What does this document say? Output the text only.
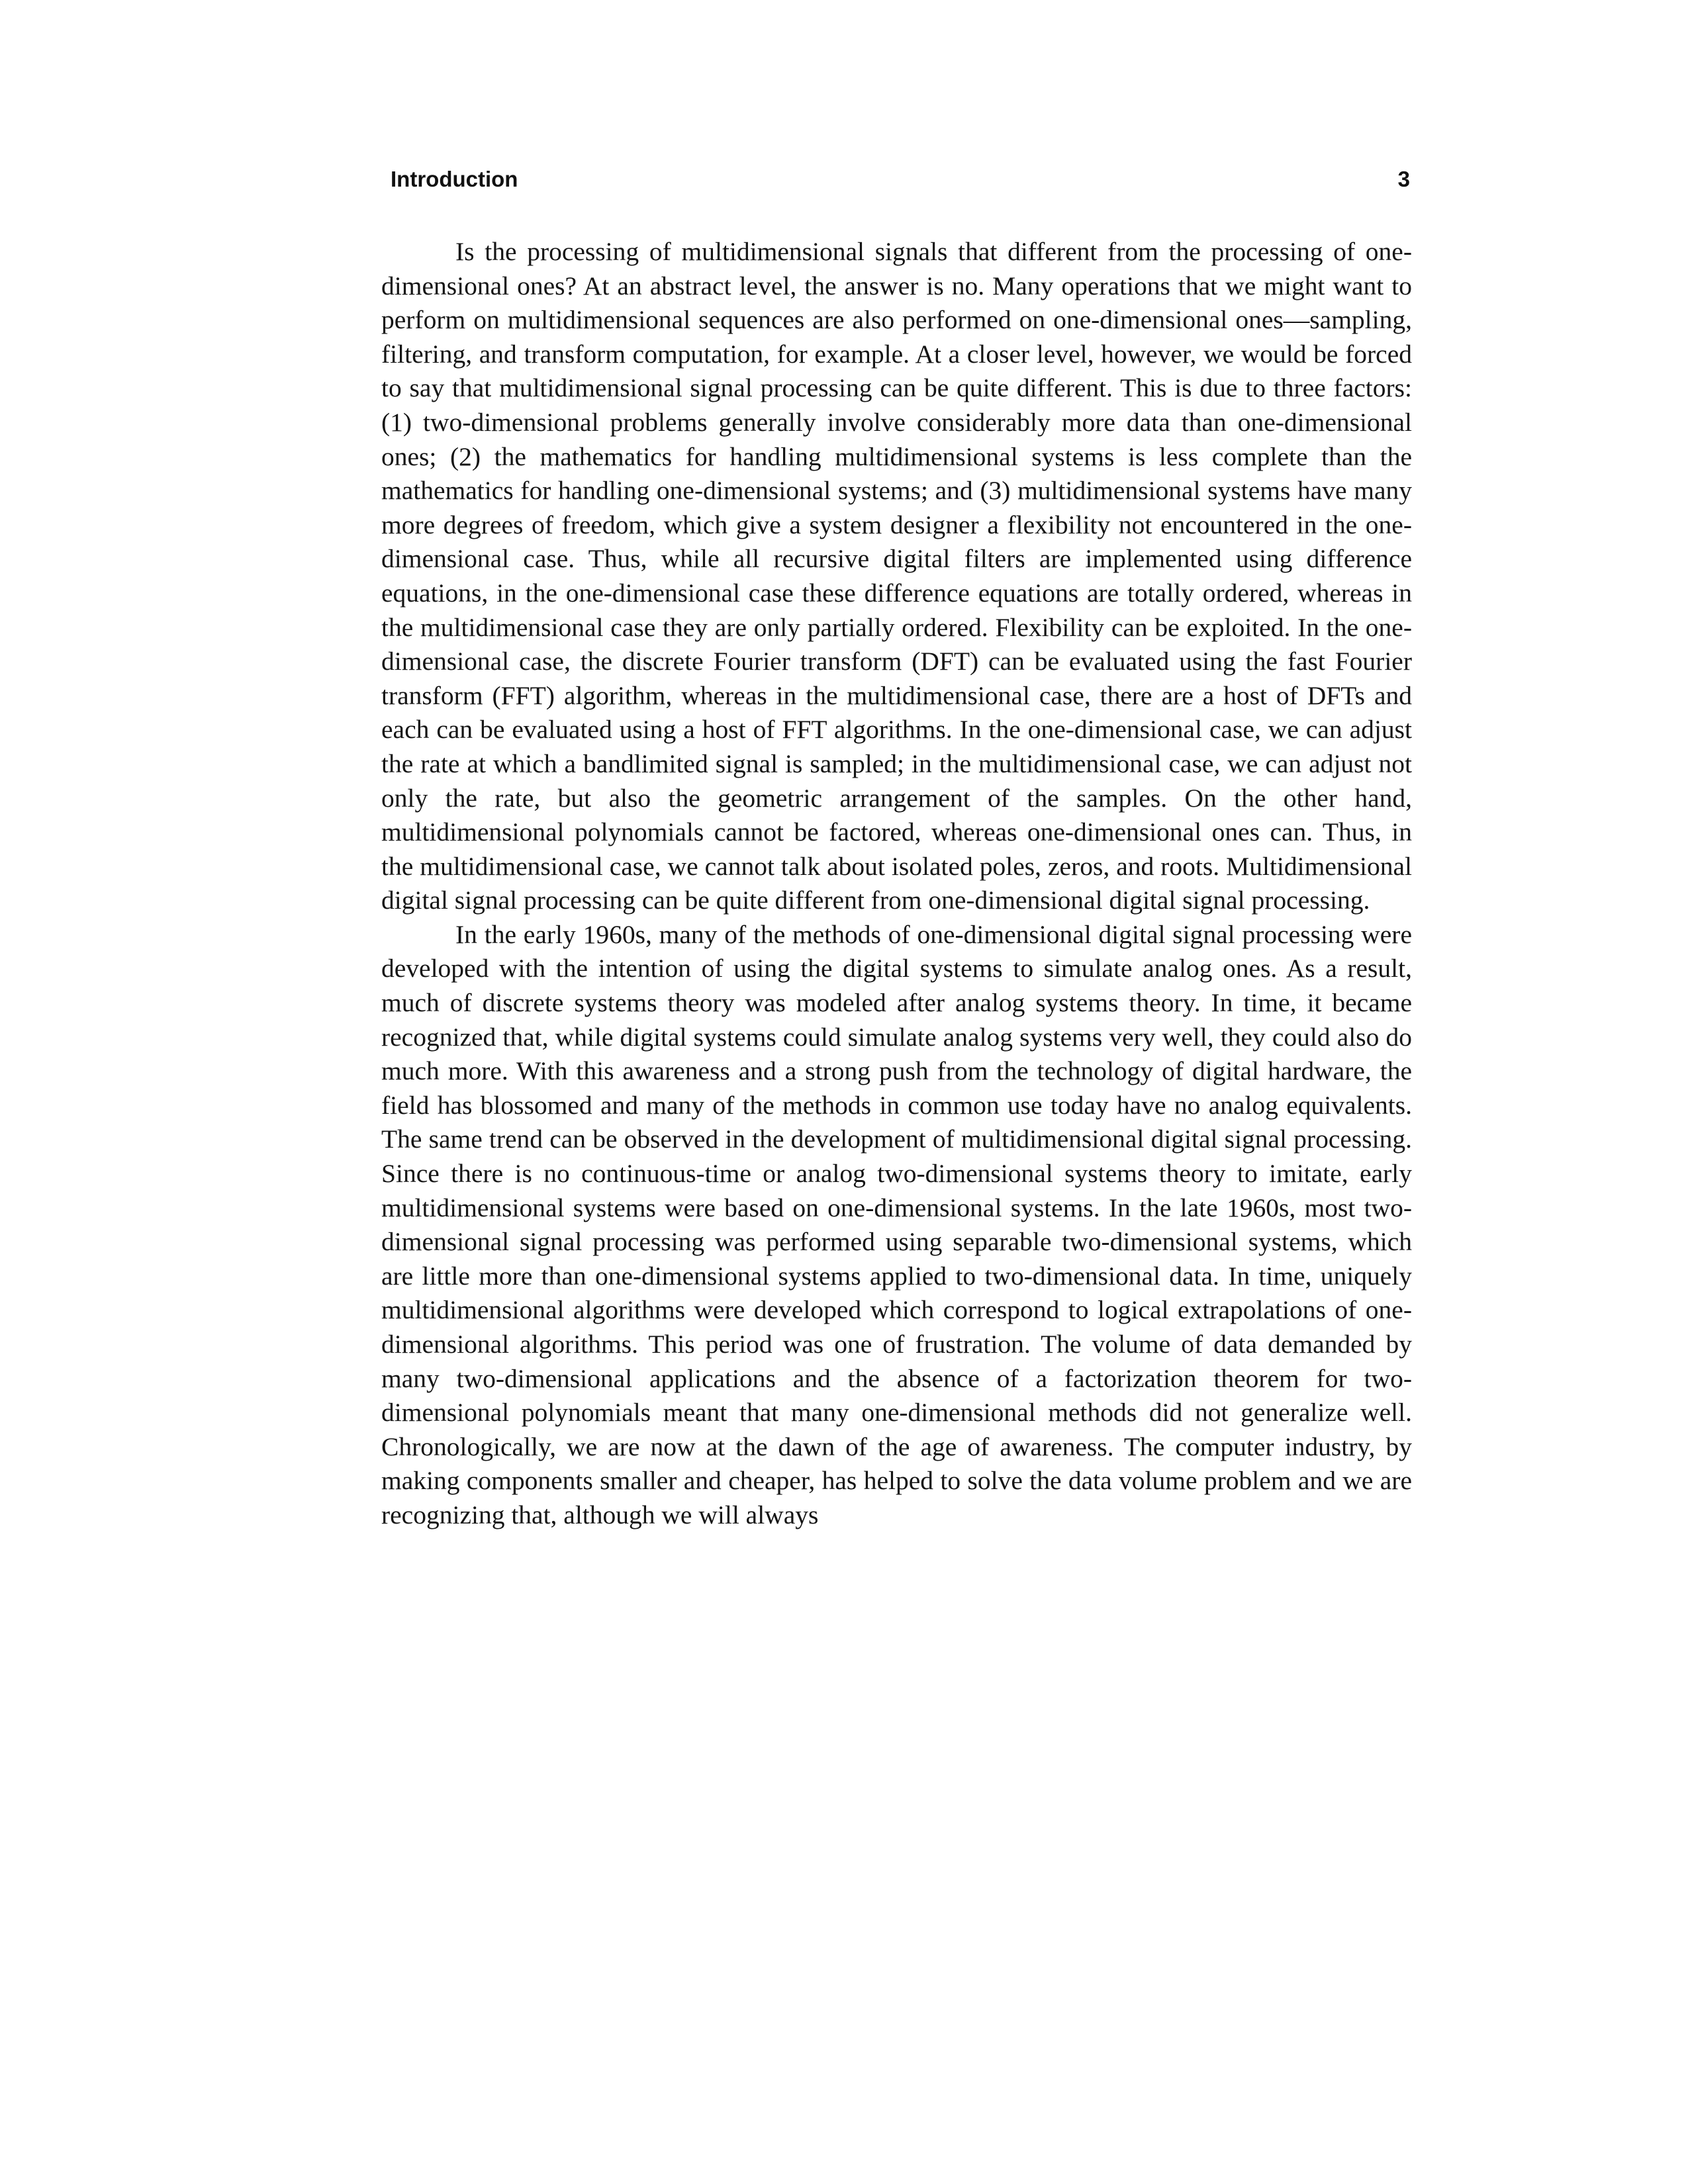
Introduction	3

Is the processing of multidimensional signals that different from the processing of one-dimensional ones? At an abstract level, the answer is no. Many operations that we might want to perform on multidimensional sequences are also performed on one-dimensional ones—sampling, filtering, and transform computation, for example. At a closer level, however, we would be forced to say that multidimensional signal processing can be quite different. This is due to three factors: (1) two-dimensional problems generally involve considerably more data than one-dimensional ones; (2) the mathematics for handling multidimensional systems is less complete than the mathematics for handling one-dimensional systems; and (3) multidimensional systems have many more degrees of freedom, which give a system designer a flexibility not encountered in the one-dimensional case. Thus, while all recursive digital filters are implemented using difference equations, in the one-dimensional case these difference equations are totally ordered, whereas in the multidimensional case they are only partially ordered. Flexibility can be exploited. In the one-dimensional case, the discrete Fourier transform (DFT) can be evaluated using the fast Fourier transform (FFT) algorithm, whereas in the multidimensional case, there are a host of DFTs and each can be evaluated using a host of FFT algorithms. In the one-dimensional case, we can adjust the rate at which a bandlimited signal is sampled; in the multidimensional case, we can adjust not only the rate, but also the geometric arrangement of the samples. On the other hand, multidimensional polynomials cannot be factored, whereas one-dimensional ones can. Thus, in the multidimensional case, we cannot talk about isolated poles, zeros, and roots. Multidimensional digital signal processing can be quite different from one-dimensional digital signal processing.

In the early 1960s, many of the methods of one-dimensional digital signal processing were developed with the intention of using the digital systems to simulate analog ones. As a result, much of discrete systems theory was modeled after analog systems theory. In time, it became recognized that, while digital systems could simulate analog systems very well, they could also do much more. With this awareness and a strong push from the technology of digital hardware, the field has blossomed and many of the methods in common use today have no analog equivalents. The same trend can be observed in the development of multidimensional digital signal processing. Since there is no continuous-time or analog two-dimensional systems theory to imitate, early multidimensional systems were based on one-dimensional systems. In the late 1960s, most two-dimensional signal processing was performed using separable two-dimensional systems, which are little more than one-dimensional systems applied to two-dimensional data. In time, uniquely multidimensional algorithms were developed which correspond to logical extrapolations of one-dimensional algorithms. This period was one of frustration. The volume of data demanded by many two-dimensional applications and the absence of a factorization theorem for two-dimensional polynomials meant that many one-dimensional methods did not generalize well. Chronologically, we are now at the dawn of the age of awareness. The computer industry, by making components smaller and cheaper, has helped to solve the data volume problem and we are recognizing that, although we will always
